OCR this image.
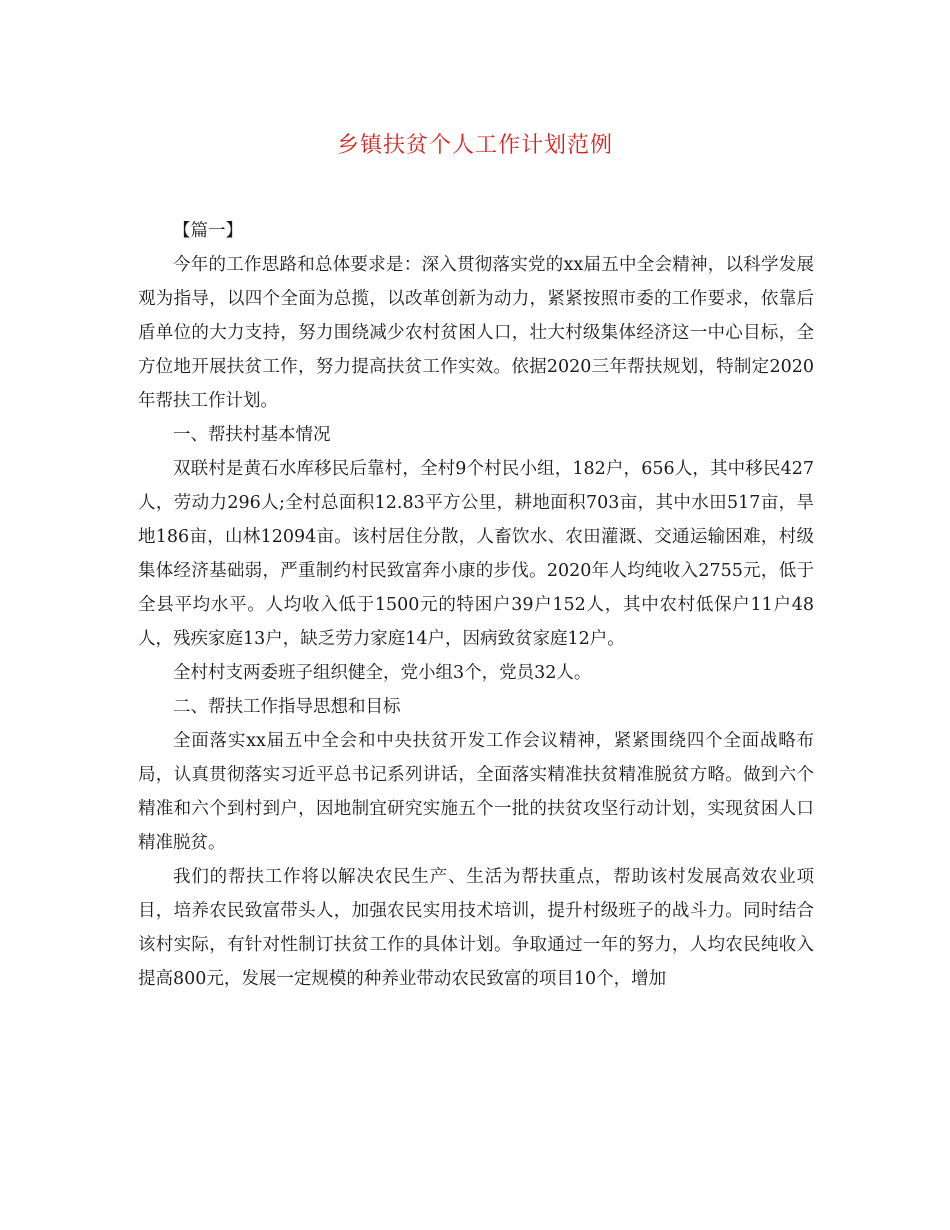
乡镇扶贫个人工作计划范例

【篇一】

今年的工作思路和总体要求是：深入贯彻落实党的xx届五中全会精神，以科学发展观为指导，以四个全面为总揽，以改革创新为动力，紧紧按照市委的工作要求，依靠后盾单位的大力支持，努力围绕减少农村贫困人口，壮大村级集体经济这一中心目标，全方位地开展扶贫工作，努力提高扶贫工作实效。依据2020三年帮扶规划，特制定2020年帮扶工作计划。

一、帮扶村基本情况

双联村是黄石水库移民后靠村，全村9个村民小组，182户，656人，其中移民427人，劳动力296人;全村总面积12.83平方公里，耕地面积703亩，其中水田517亩，旱地186亩，山林12094亩。该村居住分散，人畜饮水、农田灌溉、交通运输困难，村级集体经济基础弱，严重制约村民致富奔小康的步伐。2020年人均纯收入2755元，低于全县平均水平。人均收入低于1500元的特困户39户152人，其中农村低保户11户48人，残疾家庭13户，缺乏劳力家庭14户，因病致贫家庭12户。

全村村支两委班子组织健全，党小组3个，党员32人。

二、帮扶工作指导思想和目标

全面落实xx届五中全会和中央扶贫开发工作会议精神，紧紧围绕四个全面战略布局，认真贯彻落实习近平总书记系列讲话，全面落实精准扶贫精准脱贫方略。做到六个精准和六个到村到户，因地制宜研究实施五个一批的扶贫攻坚行动计划，实现贫困人口精准脱贫。

我们的帮扶工作将以解决农民生产、生活为帮扶重点，帮助该村发展高效农业项目，培养农民致富带头人，加强农民实用技术培训，提升村级班子的战斗力。同时结合该村实际，有针对性制订扶贫工作的具体计划。争取通过一年的努力，人均农民纯收入提高800元，发展一定规模的种养业带动农民致富的项目10个，增加
